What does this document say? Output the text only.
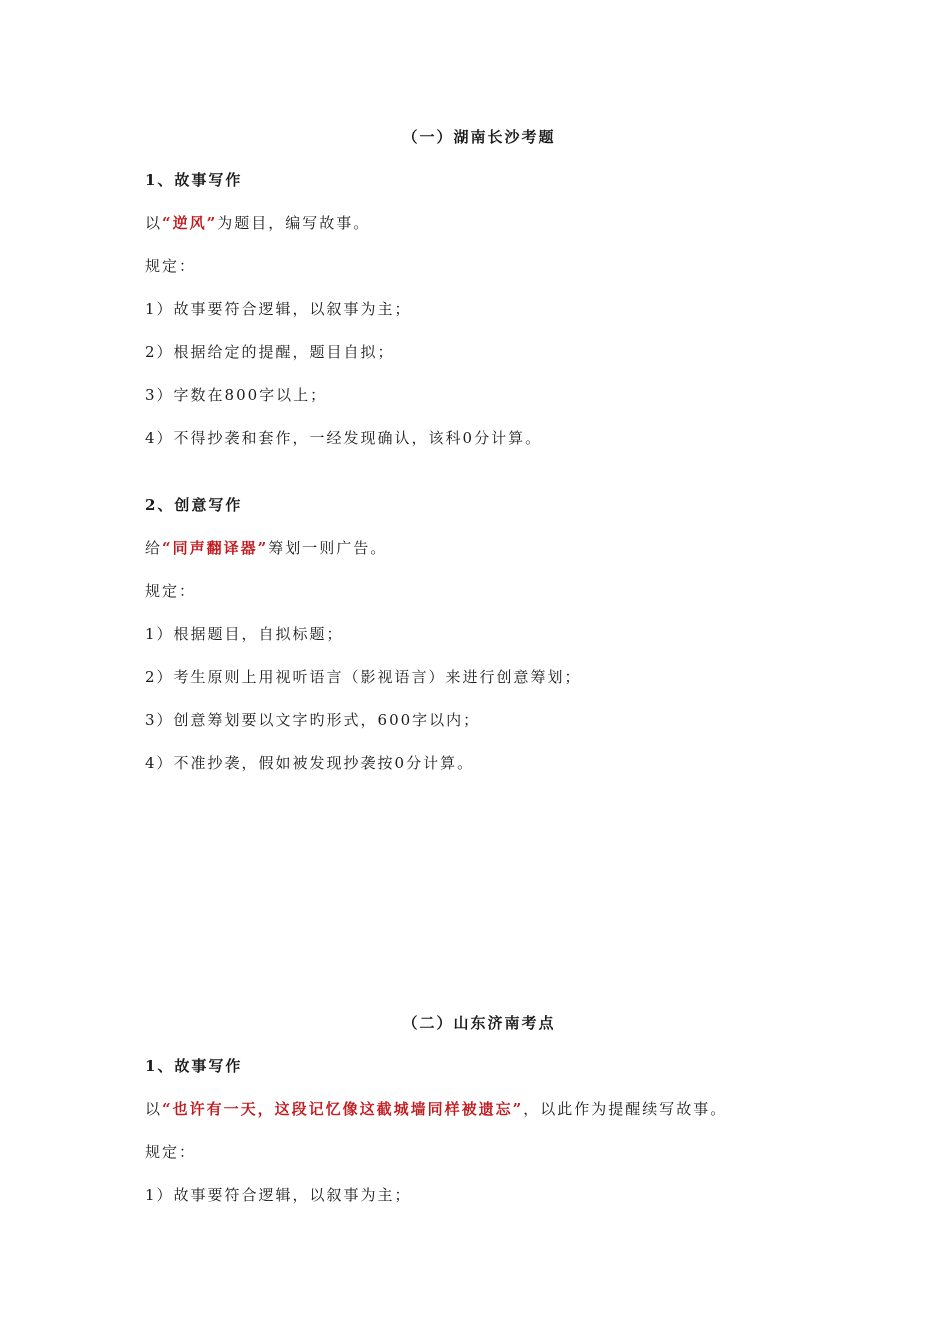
（一）湖南长沙考题
1、故事写作
以“逆风”为题目，编写故事。
规定：
1）故事要符合逻辑，以叙事为主；
2）根据给定的提醒，题目自拟；
3）字数在800字以上；
4）不得抄袭和套作，一经发现确认，该科0分计算。
2、创意写作
给“同声翻译器”筹划一则广告。
规定：
1）根据题目，自拟标题；
2）考生原则上用视听语言（影视语言）来进行创意筹划；
3）创意筹划要以文字旳形式，600字以内；
4）不准抄袭，假如被发现抄袭按0分计算。
（二）山东济南考点
1、故事写作
以“也许有一天，这段记忆像这截城墙同样被遗忘”，以此作为提醒续写故事。
规定：
1）故事要符合逻辑，以叙事为主；
